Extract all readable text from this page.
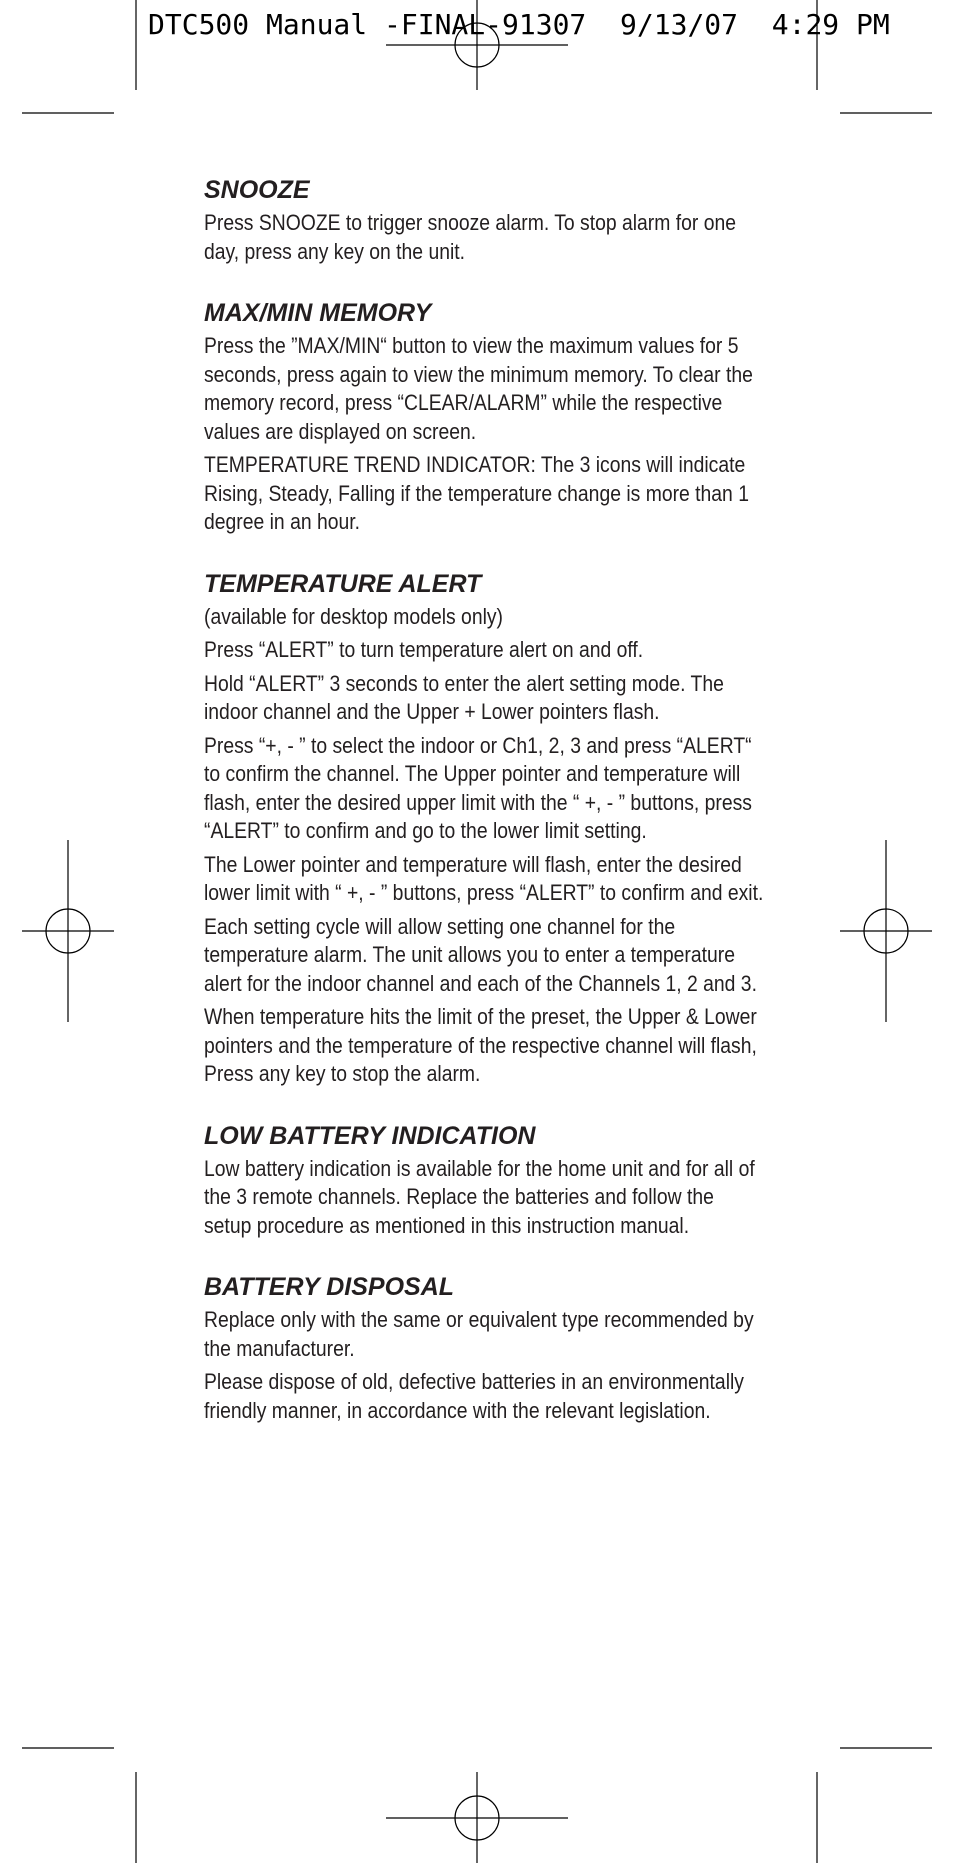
DTC500 Manual -FINAL-91307  9/13/07  4:29 PM
SNOOZE
Press SNOOZE to trigger snooze alarm. To stop alarm for one day, press any key on the unit.
MAX/MIN MEMORY
Press the ”MAX/MIN“ button to view the maximum values for 5 seconds, press again to view the minimum memory. To clear the memory record, press “CLEAR/ALARM” while the respective values are displayed on screen.
TEMPERATURE TREND INDICATOR: The 3 icons will indicate Rising, Steady, Falling if the temperature change is more than 1 degree in an hour.
TEMPERATURE ALERT
(available for desktop models only)
Press “ALERT” to turn temperature alert on and off.
Hold “ALERT” 3 seconds to enter the alert setting mode. The indoor channel and the Upper + Lower pointers flash.
Press “+, - ” to select the indoor or Ch1, 2, 3 and press “ALERT“ to confirm the channel. The Upper pointer and temperature will flash, enter the desired upper limit with the “ +, - ” buttons, press “ALERT” to confirm and go to the lower limit setting.
The Lower pointer and temperature will flash, enter the desired lower limit with “ +, - ” buttons, press “ALERT” to confirm and exit.
Each setting cycle will allow setting one channel for the temperature alarm. The unit allows you to enter a temperature alert for the indoor channel and each of the Channels 1, 2 and 3.
When temperature hits the limit of the preset, the Upper & Lower pointers and the temperature of the respective channel will flash, Press any key to stop the alarm.
LOW BATTERY INDICATION
Low battery indication is available for the home unit and for all of the 3 remote channels. Replace the batteries and follow the setup procedure as mentioned in this instruction manual.
BATTERY DISPOSAL
Replace only with the same or equivalent type recommended by the manufacturer.
Please dispose of old, defective batteries in an environmentally friendly manner, in accordance with the relevant legislation.
